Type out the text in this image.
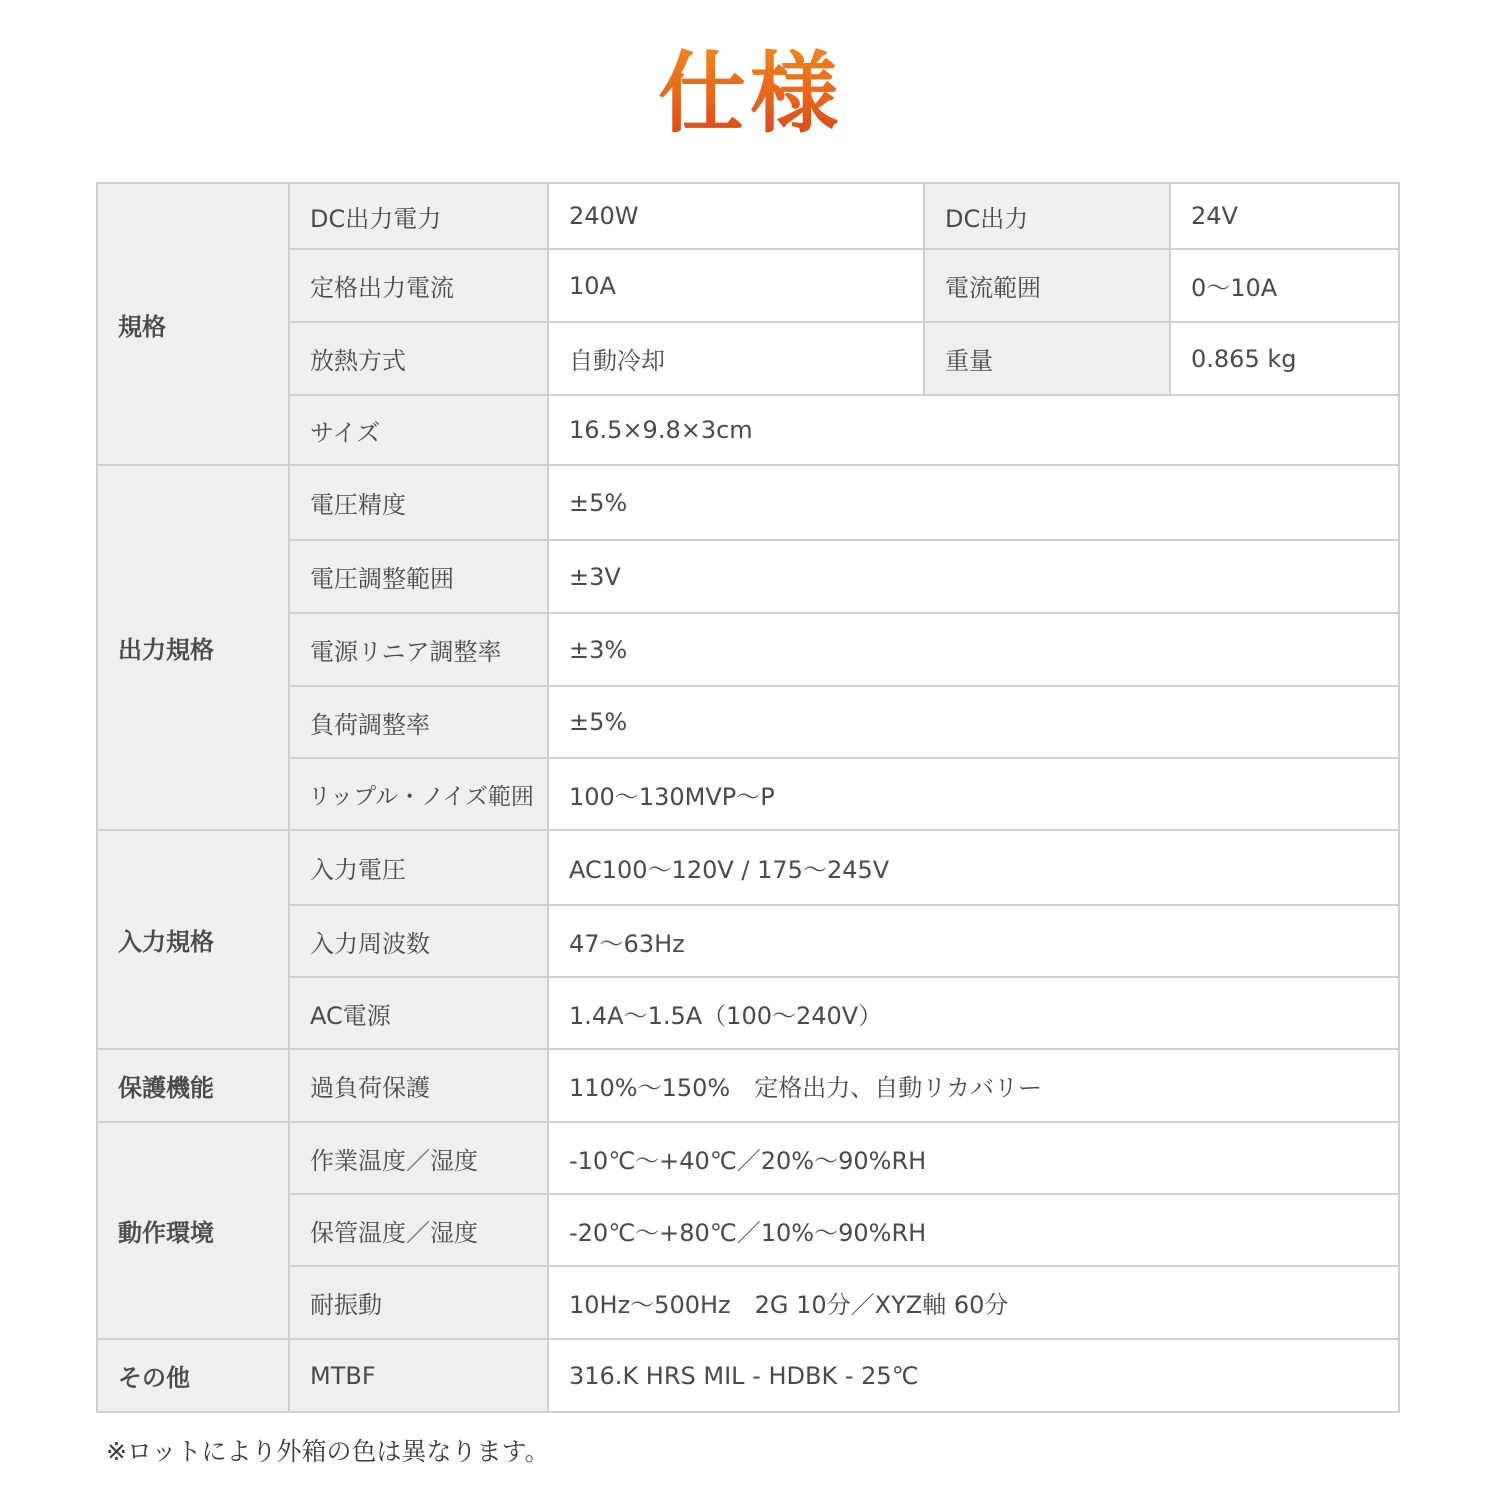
仕様
規格	DC出力電力	240W	DC出力	24V
	定格出力電流	10A	電流範囲	0～10A
	放熱方式	自動冷却	重量	0.865 kg
	サイズ	16.5×9.8×3cm		
出力規格	電圧精度	±5%		
	電圧調整範囲	±3V		
	電源リニア調整率	±3%		
	負荷調整率	±5%		
	リップル・ノイズ範囲	100～130MVP～P		
入力規格	入力電圧	AC100～120V / 175～245V		
	入力周波数	47～63Hz		
	AC電源	1.4A～1.5A（100～240V）		
保護機能	過負荷保護	110%～150%　定格出力、自動リカバリー		
動作環境	作業温度／湿度	-10℃～+40℃／20%～90%RH		
	保管温度／湿度	-20℃～+80℃／10%～90%RH		
	耐振動	10Hz～500Hz　2G 10分／XYZ軸 60分		
その他	MTBF	316.K HRS MIL - HDBK - 25℃		
※ロットにより外箱の色は異なります。
